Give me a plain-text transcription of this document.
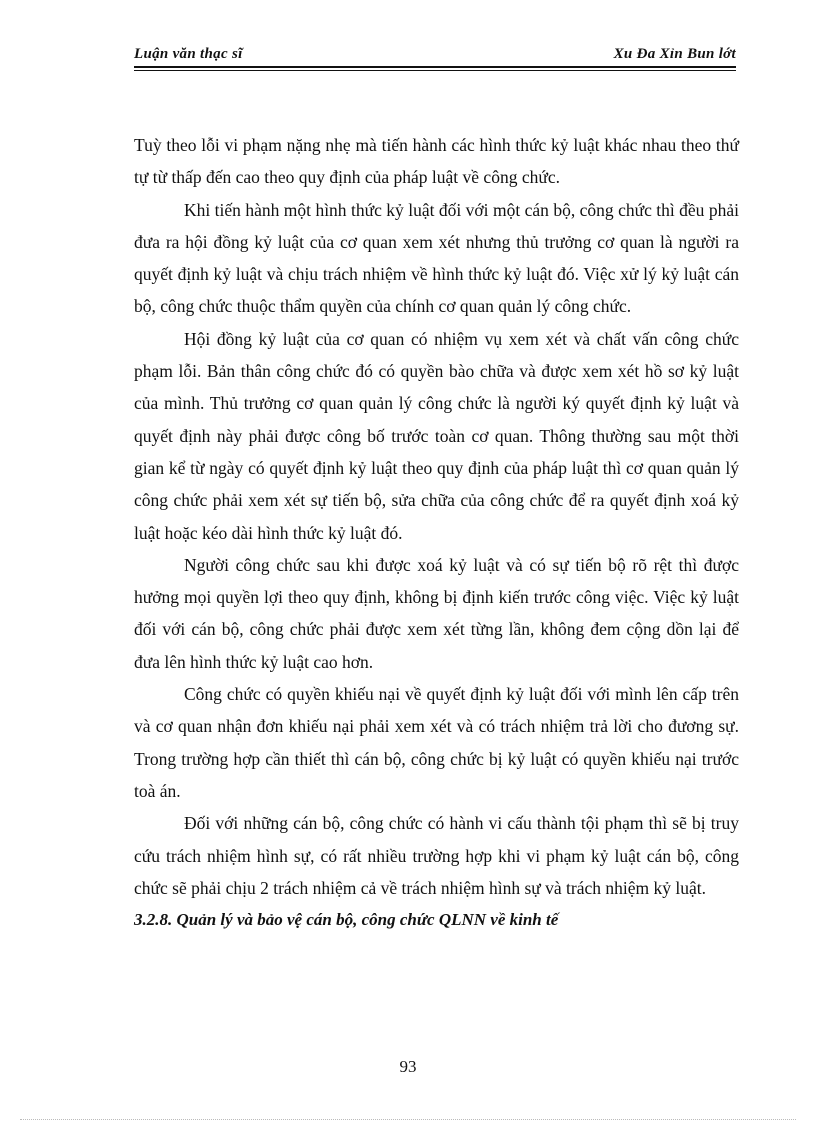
Luận văn thạc sĩ	Xu Đa Xỉn Bun lớt

Tuỳ theo lỗi vi phạm nặng nhẹ mà tiến hành các hình thức kỷ luật khác nhau theo thứ tự từ thấp đến cao theo quy định của pháp luật về công chức.

Khi tiến hành một hình thức kỷ luật đối với một cán bộ, công chức thì đều phải đưa ra hội đồng kỷ luật của cơ quan xem xét nhưng thủ trưởng cơ quan là người ra quyết định kỷ luật và chịu trách nhiệm về hình thức kỷ luật đó. Việc xử lý kỷ luật cán bộ, công chức thuộc thẩm quyền của chính cơ quan quản lý công chức.

Hội đồng kỷ luật của cơ quan có nhiệm vụ xem xét và chất vấn công chức phạm lỗi. Bản thân công chức đó có quyền bào chữa và được xem xét hồ sơ kỷ luật của mình. Thủ trưởng cơ quan quản lý công chức là người ký quyết định kỷ luật và quyết định này phải được công bố trước toàn cơ quan. Thông thường sau một thời gian kể từ ngày có quyết định kỷ luật theo quy định của pháp luật thì cơ quan quản lý công chức phải xem xét sự tiến bộ, sửa chữa của công chức để ra quyết định xoá kỷ luật hoặc kéo dài hình thức kỷ luật đó.

Người công chức sau khi được xoá kỷ luật và có sự tiến bộ rõ rệt thì được hưởng mọi quyền lợi theo quy định, không bị định kiến trước công việc. Việc kỷ luật đối với cán bộ, công chức phải được xem xét từng lần, không đem cộng dồn lại để đưa lên hình thức kỷ luật cao hơn.

Công chức có quyền khiếu nại về quyết định kỷ luật đối với mình lên cấp trên và cơ quan nhận đơn khiếu nại phải xem xét và có trách nhiệm trả lời cho đương sự. Trong trường hợp cần thiết thì cán bộ, công chức bị kỷ luật có quyền khiếu nại trước toà án.

Đối với những cán bộ, công chức có hành vi cấu thành tội phạm thì sẽ bị truy cứu trách nhiệm hình sự, có rất nhiều trường hợp khi vi phạm kỷ luật cán bộ, công chức sẽ phải chịu 2 trách nhiệm cả về trách nhiệm hình sự và trách nhiệm kỷ luật.

3.2.8. Quản lý và bảo vệ cán bộ, công chức QLNN về kinh tế

93
